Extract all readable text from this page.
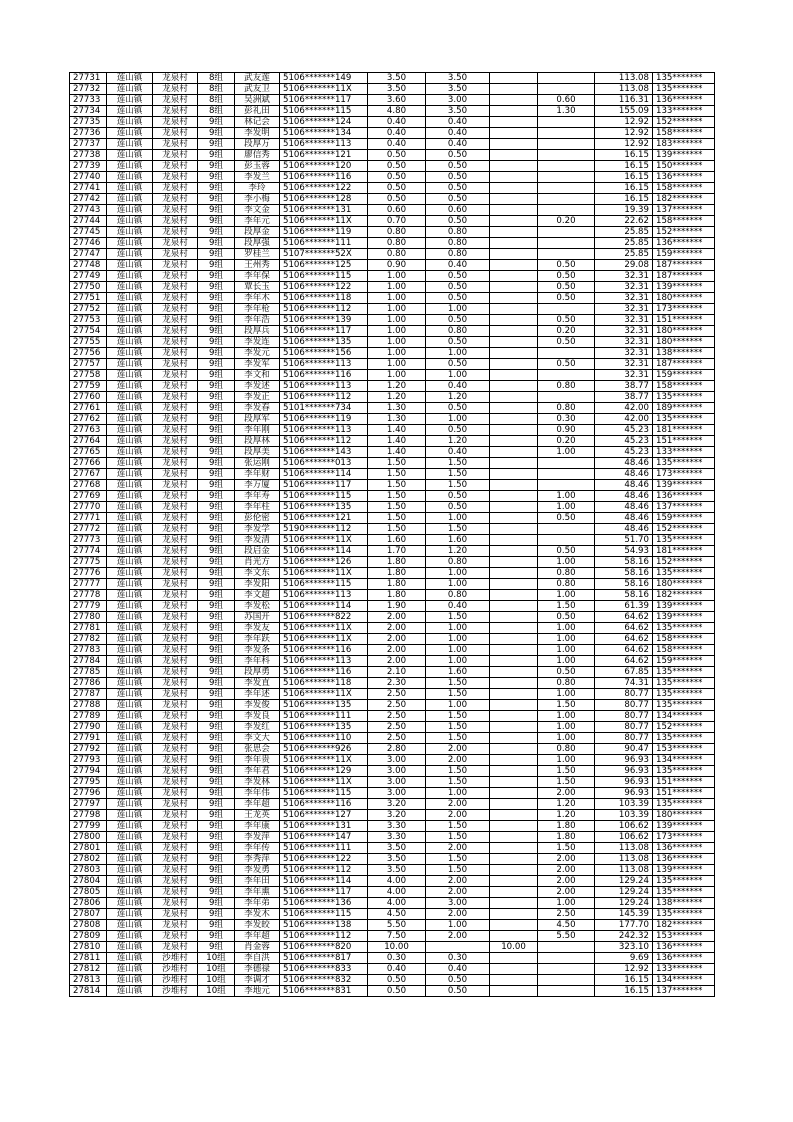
27731	莲山镇	龙泉村	8组	武友莲	5106*******149	3.50	3.50			113.08	135*******
27732	莲山镇	龙泉村	8组	武友卫	5106*******11X	3.50	3.50			113.08	135*******
27733	莲山镇	龙泉村	8组	吴洲斌	5106*******117	3.60	3.00		0.60	116.31	136*******
27734	莲山镇	龙泉村	8组	彭礼田	5106*******115	4.80	3.50		1.30	155.09	133*******
27735	莲山镇	龙泉村	9组	林记会	5106*******124	0.40	0.40			12.92	152*******
27736	莲山镇	龙泉村	9组	李发明	5106*******134	0.40	0.40			12.92	158*******
27737	莲山镇	龙泉村	9组	段厚万	5106*******113	0.40	0.40			12.92	183*******
27738	莲山镇	龙泉村	9组	廖信秀	5106*******121	0.50	0.50			16.15	139*******
27739	莲山镇	龙泉村	9组	彭玉蓉	5106*******120	0.50	0.50			16.15	150*******
27740	莲山镇	龙泉村	9组	李发兰	5106*******116	0.50	0.50			16.15	136*******
27741	莲山镇	龙泉村	9组	李玲	5106*******122	0.50	0.50			16.15	158*******
27742	莲山镇	龙泉村	9组	李小梅	5106*******128	0.50	0.50			16.15	182*******
27743	莲山镇	龙泉村	9组	李文金	5106*******131	0.60	0.60			19.39	137*******
27744	莲山镇	龙泉村	9组	李年元	5106*******11X	0.70	0.50		0.20	22.62	158*******
27745	莲山镇	龙泉村	9组	段厚金	5106*******119	0.80	0.80			25.85	152*******
27746	莲山镇	龙泉村	9组	段厚强	5106*******111	0.80	0.80			25.85	136*******
27747	莲山镇	龙泉村	9组	罗桂兰	5107*******52X	0.80	0.80			25.85	159*******
27748	莲山镇	龙泉村	9组	王州秀	5106*******125	0.90	0.40		0.50	29.08	187*******
27749	莲山镇	龙泉村	9组	李年保	5106*******115	1.00	0.50		0.50	32.31	187*******
27750	莲山镇	龙泉村	9组	覃长玉	5106*******122	1.00	0.50		0.50	32.31	139*******
27751	莲山镇	龙泉村	9组	李年木	5106*******118	1.00	0.50		0.50	32.31	180*******
27752	莲山镇	龙泉村	9组	李年枪	5106*******112	1.00	1.00			32.31	173*******
27753	莲山镇	龙泉村	9组	李年浩	5106*******139	1.00	0.50		0.50	32.31	151*******
27754	莲山镇	龙泉村	9组	段厚兵	5106*******117	1.00	0.80		0.20	32.31	180*******
27755	莲山镇	龙泉村	9组	李发连	5106*******135	1.00	0.50		0.50	32.31	180*******
27756	莲山镇	龙泉村	9组	李发元	5106*******156	1.00	1.00			32.31	138*******
27757	莲山镇	龙泉村	9组	李发军	5106*******113	1.00	0.50		0.50	32.31	187*******
27758	莲山镇	龙泉村	9组	李文和	5106*******116	1.00	1.00			32.31	159*******
27759	莲山镇	龙泉村	9组	李发述	5106*******113	1.20	0.40		0.80	38.77	158*******
27760	莲山镇	龙泉村	9组	李发正	5106*******112	1.20	1.20			38.77	135*******
27761	莲山镇	龙泉村	9组	李发春	5101*******734	1.30	0.50		0.80	42.00	189*******
27762	莲山镇	龙泉村	9组	段厚军	5106*******119	1.30	1.00		0.30	42.00	135*******
27763	莲山镇	龙泉村	9组	李年刚	5106*******113	1.40	0.50		0.90	45.23	181*******
27764	莲山镇	龙泉村	9组	段厚林	5106*******112	1.40	1.20		0.20	45.23	151*******
27765	莲山镇	龙泉村	9组	段厚美	5106*******143	1.40	0.40		1.00	45.23	133*******
27766	莲山镇	龙泉村	9组	张运刚	5106*******013	1.50	1.50			48.46	135*******
27767	莲山镇	龙泉村	9组	李年财	5106*******114	1.50	1.50			48.46	173*******
27768	莲山镇	龙泉村	9组	李万厦	5106*******117	1.50	1.50			48.46	139*******
27769	莲山镇	龙泉村	9组	李年寿	5106*******115	1.50	0.50		1.00	48.46	136*******
27770	莲山镇	龙泉村	9组	李年柱	5106*******135	1.50	0.50		1.00	48.46	137*******
27771	莲山镇	龙泉村	9组	彭伦密	5106*******121	1.50	1.00		0.50	48.46	159*******
27772	莲山镇	龙泉村	9组	李发学	5190*******112	1.50	1.50			48.46	152*******
27773	莲山镇	龙泉村	9组	李发清	5106*******11X	1.60	1.60			51.70	135*******
27774	莲山镇	龙泉村	9组	段启金	5106*******114	1.70	1.20		0.50	54.93	181*******
27775	莲山镇	龙泉村	9组	肖光方	5106*******126	1.80	0.80		1.00	58.16	152*******
27776	莲山镇	龙泉村	9组	李文东	5106*******11X	1.80	1.00		0.80	58.16	135*******
27777	莲山镇	龙泉村	9组	李发阳	5106*******115	1.80	1.00		0.80	58.16	180*******
27778	莲山镇	龙泉村	9组	李文超	5106*******113	1.80	0.80		1.00	58.16	182*******
27779	莲山镇	龙泉村	9组	李发松	5106*******114	1.90	0.40		1.50	61.39	139*******
27780	莲山镇	龙泉村	9组	苏国开	5106*******822	2.00	1.50		0.50	64.62	139*******
27781	莲山镇	龙泉村	9组	李发友	5106*******11X	2.00	1.00		1.00	64.62	135*******
27782	莲山镇	龙泉村	9组	李年跃	5106*******11X	2.00	1.00		1.00	64.62	158*******
27783	莲山镇	龙泉村	9组	李发条	5106*******116	2.00	1.00		1.00	64.62	158*******
27784	莲山镇	龙泉村	9组	李年科	5106*******113	2.00	1.00		1.00	64.62	159*******
27785	莲山镇	龙泉村	9组	段厚勇	5106*******116	2.10	1.60		0.50	67.85	135*******
27786	莲山镇	龙泉村	9组	李发直	5106*******118	2.30	1.50		0.80	74.31	135*******
27787	莲山镇	龙泉村	9组	李年述	5106*******11X	2.50	1.50		1.00	80.77	135*******
27788	莲山镇	龙泉村	9组	李发俊	5106*******135	2.50	1.00		1.50	80.77	135*******
27789	莲山镇	龙泉村	9组	李发良	5106*******111	2.50	1.50		1.00	80.77	134*******
27790	莲山镇	龙泉村	9组	李发红	5106*******135	2.50	1.50		1.00	80.77	152*******
27791	莲山镇	龙泉村	9组	李文大	5106*******110	2.50	1.50		1.00	80.77	135*******
27792	莲山镇	龙泉村	9组	张思会	5106*******926	2.80	2.00		0.80	90.47	153*******
27793	莲山镇	龙泉村	9组	李年贵	5106*******11X	3.00	2.00		1.00	96.93	134*******
27794	莲山镇	龙泉村	9组	李年君	5106*******129	3.00	1.50		1.50	96.93	135*******
27795	莲山镇	龙泉村	9组	李发林	5106*******11X	3.00	1.50		1.50	96.93	151*******
27796	莲山镇	龙泉村	9组	李年伟	5106*******115	3.00	1.00		2.00	96.93	151*******
27797	莲山镇	龙泉村	9组	李年超	5106*******116	3.20	2.00		1.20	103.39	135*******
27798	莲山镇	龙泉村	9组	王龙英	5106*******127	3.20	2.00		1.20	103.39	180*******
27799	莲山镇	龙泉村	9组	李年康	5106*******131	3.30	1.50		1.80	106.62	139*******
27800	莲山镇	龙泉村	9组	李发萍	5106*******147	3.30	1.50		1.80	106.62	173*******
27801	莲山镇	龙泉村	9组	李年传	5106*******111	3.50	2.00		1.50	113.08	136*******
27802	莲山镇	龙泉村	9组	李秀萍	5106*******122	3.50	1.50		2.00	113.08	136*******
27803	莲山镇	龙泉村	9组	李发勇	5106*******112	3.50	1.50		2.00	113.08	139*******
27804	莲山镇	龙泉村	9组	李年田	5106*******114	4.00	2.00		2.00	129.24	135*******
27805	莲山镇	龙泉村	9组	李年熏	5106*******117	4.00	2.00		2.00	129.24	135*******
27806	莲山镇	龙泉村	9组	李年弟	5106*******136	4.00	3.00		1.00	129.24	138*******
27807	莲山镇	龙泉村	9组	李发木	5106*******115	4.50	2.00		2.50	145.39	135*******
27808	莲山镇	龙泉村	9组	李发皎	5106*******138	5.50	1.00		4.50	177.70	182*******
27809	莲山镇	龙泉村	9组	李年超	5106*******112	7.50	2.00		5.50	242.32	153*******
27810	莲山镇	龙泉村	9组	肖金蓉	5106*******820	10.00		10.00		323.10	136*******
27811	莲山镇	沙堆村	10组	李自洪	5106*******817	0.30	0.30			9.69	136*******
27812	莲山镇	沙堆村	10组	李德禄	5106*******833	0.40	0.40			12.92	133*******
27813	莲山镇	沙堆村	10组	李调才	5106*******832	0.50	0.50			16.15	134*******
27814	莲山镇	沙堆村	10组	李地元	5106*******831	0.50	0.50			16.15	137*******
